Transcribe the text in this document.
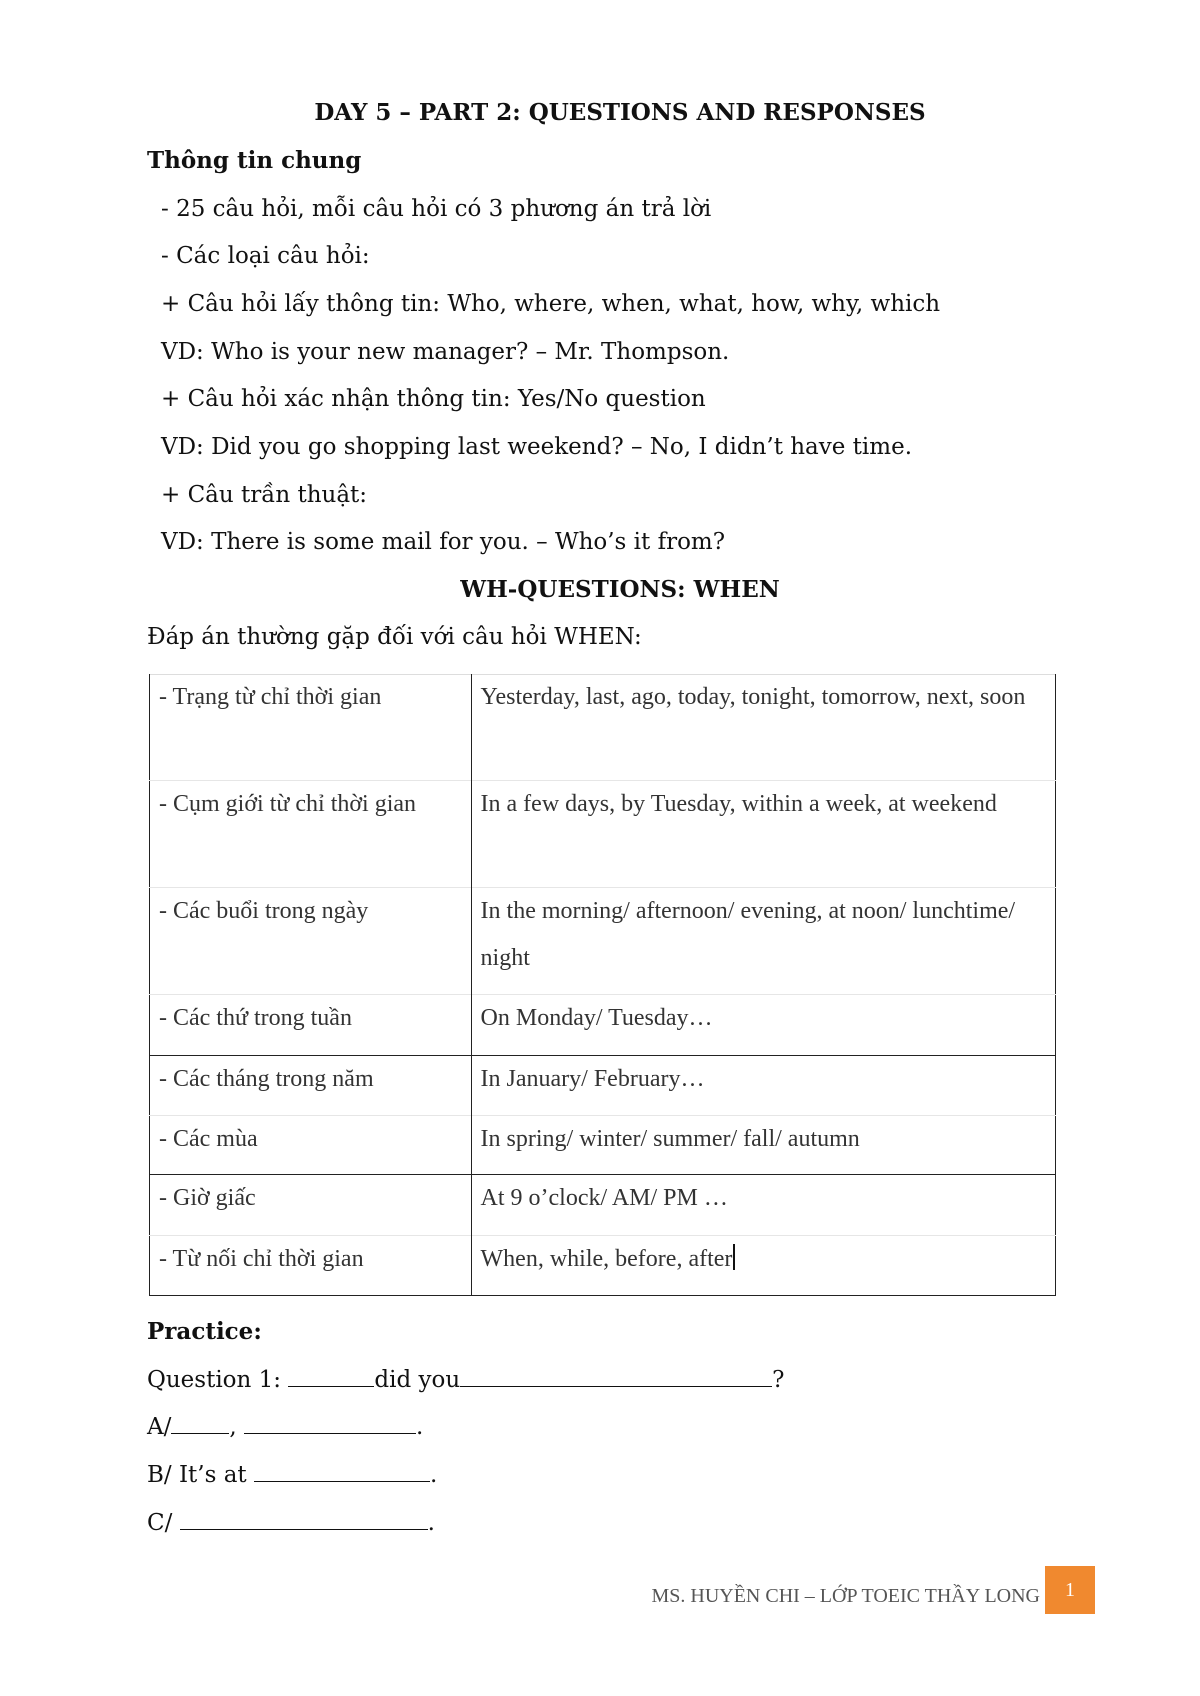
DAY 5 – PART 2: QUESTIONS AND RESPONSES
Thông tin chung
- 25 câu hỏi, mỗi câu hỏi có 3 phương án trả lời
- Các loại câu hỏi:
+ Câu hỏi lấy thông tin: Who, where, when, what, how, why, which
VD: Who is your new manager? – Mr. Thompson.
+ Câu hỏi xác nhận thông tin: Yes/No question
VD: Did you go shopping last weekend? – No, I didn’t have time.
+ Câu trần thuật:
VD: There is some mail for you. – Who’s it from?
WH-QUESTIONS: WHEN
Đáp án thường gặp đối với câu hỏi WHEN:
- Trạng từ chỉ thời gian	Yesterday, last, ago, today, tonight, tomorrow, next, soon
- Cụm giới từ chỉ thời gian	In a few days, by Tuesday, within a week, at weekend
- Các buổi trong ngày	In the morning/ afternoon/ evening, at noon/ lunchtime/ night
- Các thứ trong tuần	On Monday/ Tuesday…
- Các tháng trong năm	In January/ February…
- Các mùa	In spring/ winter/ summer/ fall/ autumn
- Giờ giấc	At 9 o’clock/ AM/ PM …
- Từ nối chỉ thời gian	When, while, before, after
Practice:
Question 1:	did you	?
A/	,	.
B/ It’s at	.
C/	.
MS. HUYỀN CHI – LỚP TOEIC THẦY LONG	1
